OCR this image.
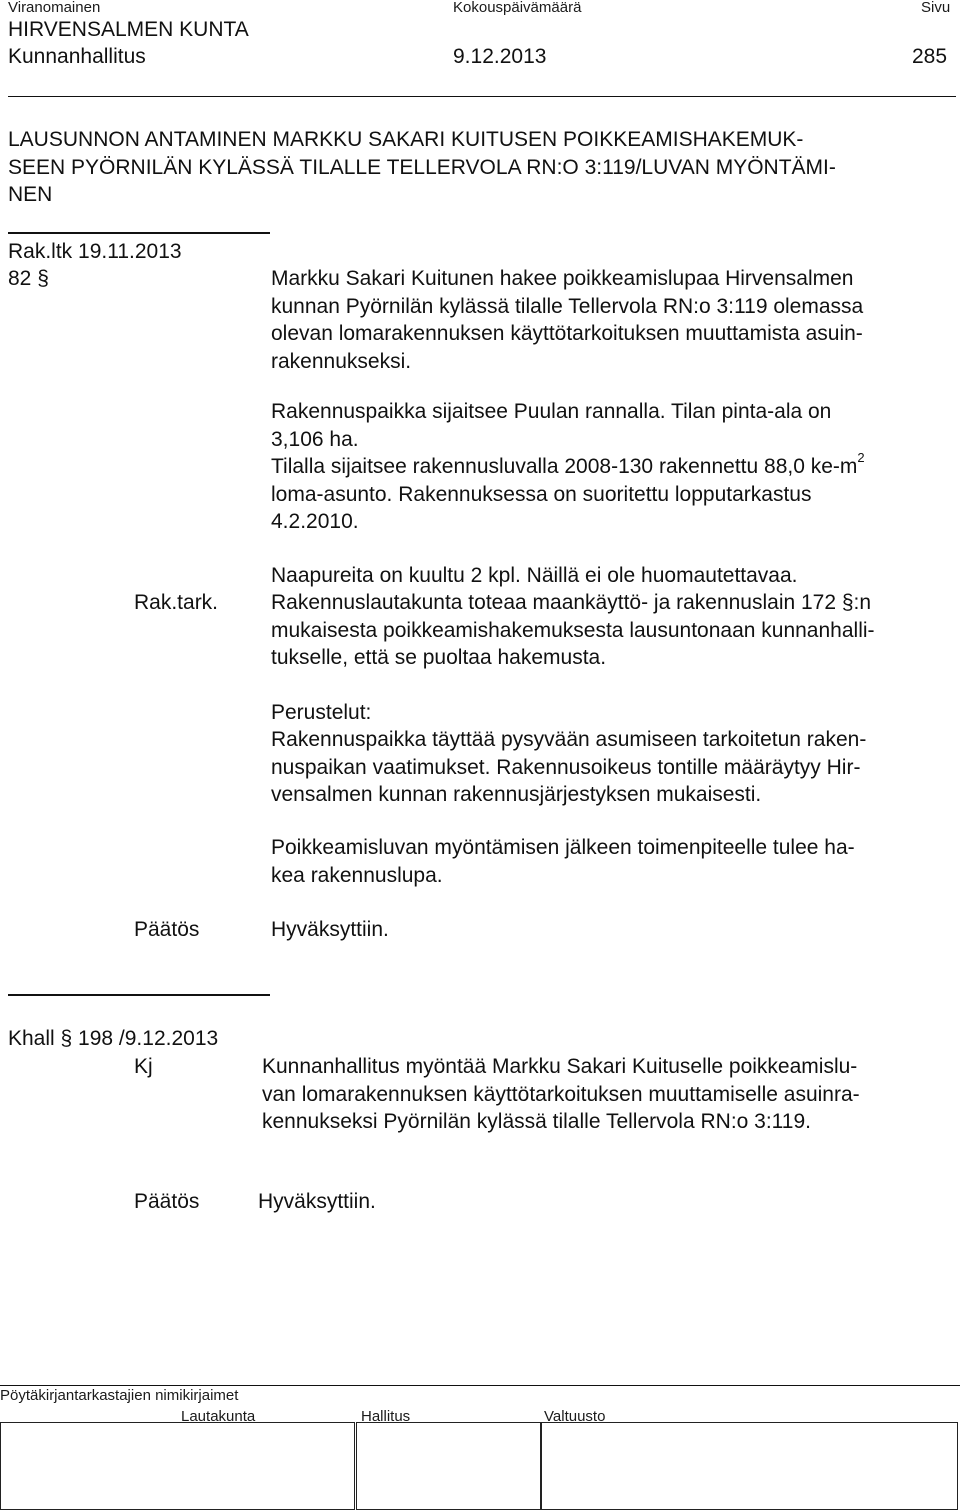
Viranomainen	Kokouspäivämäärä	Sivu
HIRVENSALMEN KUNTA
Kunnanhallitus	9.12.2013	285
LAUSUNNON ANTAMINEN MARKKU SAKARI KUITUSEN POIKKEAMISHAKEMUK-
SEEN PYÖRNILÄN KYLÄSSÄ TILALLE TELLERVOLA RN:O 3:119/LUVAN MYÖNTÄMI-
NEN
Rak.ltk 19.11.2013
82 §	Markku Sakari Kuitunen hakee poikkeamislupaa Hirvensalmen
kunnan Pyörnilän kylässä tilalle Tellervola RN:o 3:119 olemassa
olevan lomarakennuksen käyttötarkoituksen muuttamista asuin-
rakennukseksi.
Rakennuspaikka sijaitsee Puulan rannalla. Tilan pinta-ala on
3,106 ha.
Tilalla sijaitsee rakennusluvalla 2008-130 rakennettu 88,0 $ke-m^2$
loma-asunto. Rakennuksessa on suoritettu lopputarkastus
4.2.2010.
Naapureita on kuultu 2 kpl. Näillä ei ole huomautettavaa.
Rak.tark.	Rakennuslautakunta toteaa maankäyttö- ja rakennuslain 172 §:n
mukaisesta poikkeamishakemuksesta lausuntonaan kunnanhalli-
tukselle, että se puoltaa hakemusta.
Perustelut:
Rakennuspaikka täyttää pysyvään asumiseen tarkoitetun raken-
nuspaikan vaatimukset. Rakennusoikeus tontille määräytyy Hir-
vensalmen kunnan rakennusjärjestyksen mukaisesti.
Poikkeamisluvan myöntämisen jälkeen toimenpiteelle tulee ha-
kea rakennuslupa.
Päätös	Hyväksyttiin.
Khall § 198 /9.12.2013
Kj	Kunnanhallitus myöntää Markku Sakari Kuituselle poikkeamislu-
van lomarakennuksen käyttötarkoituksen muuttamiselle asuinra-
kennukseksi Pyörnilän kylässä tilalle Tellervola RN:o 3:119.
Päätös	Hyväksyttiin.
Pöytäkirjantarkastajien nimikirjaimet
Lautakunta	Hallitus	Valtuusto
